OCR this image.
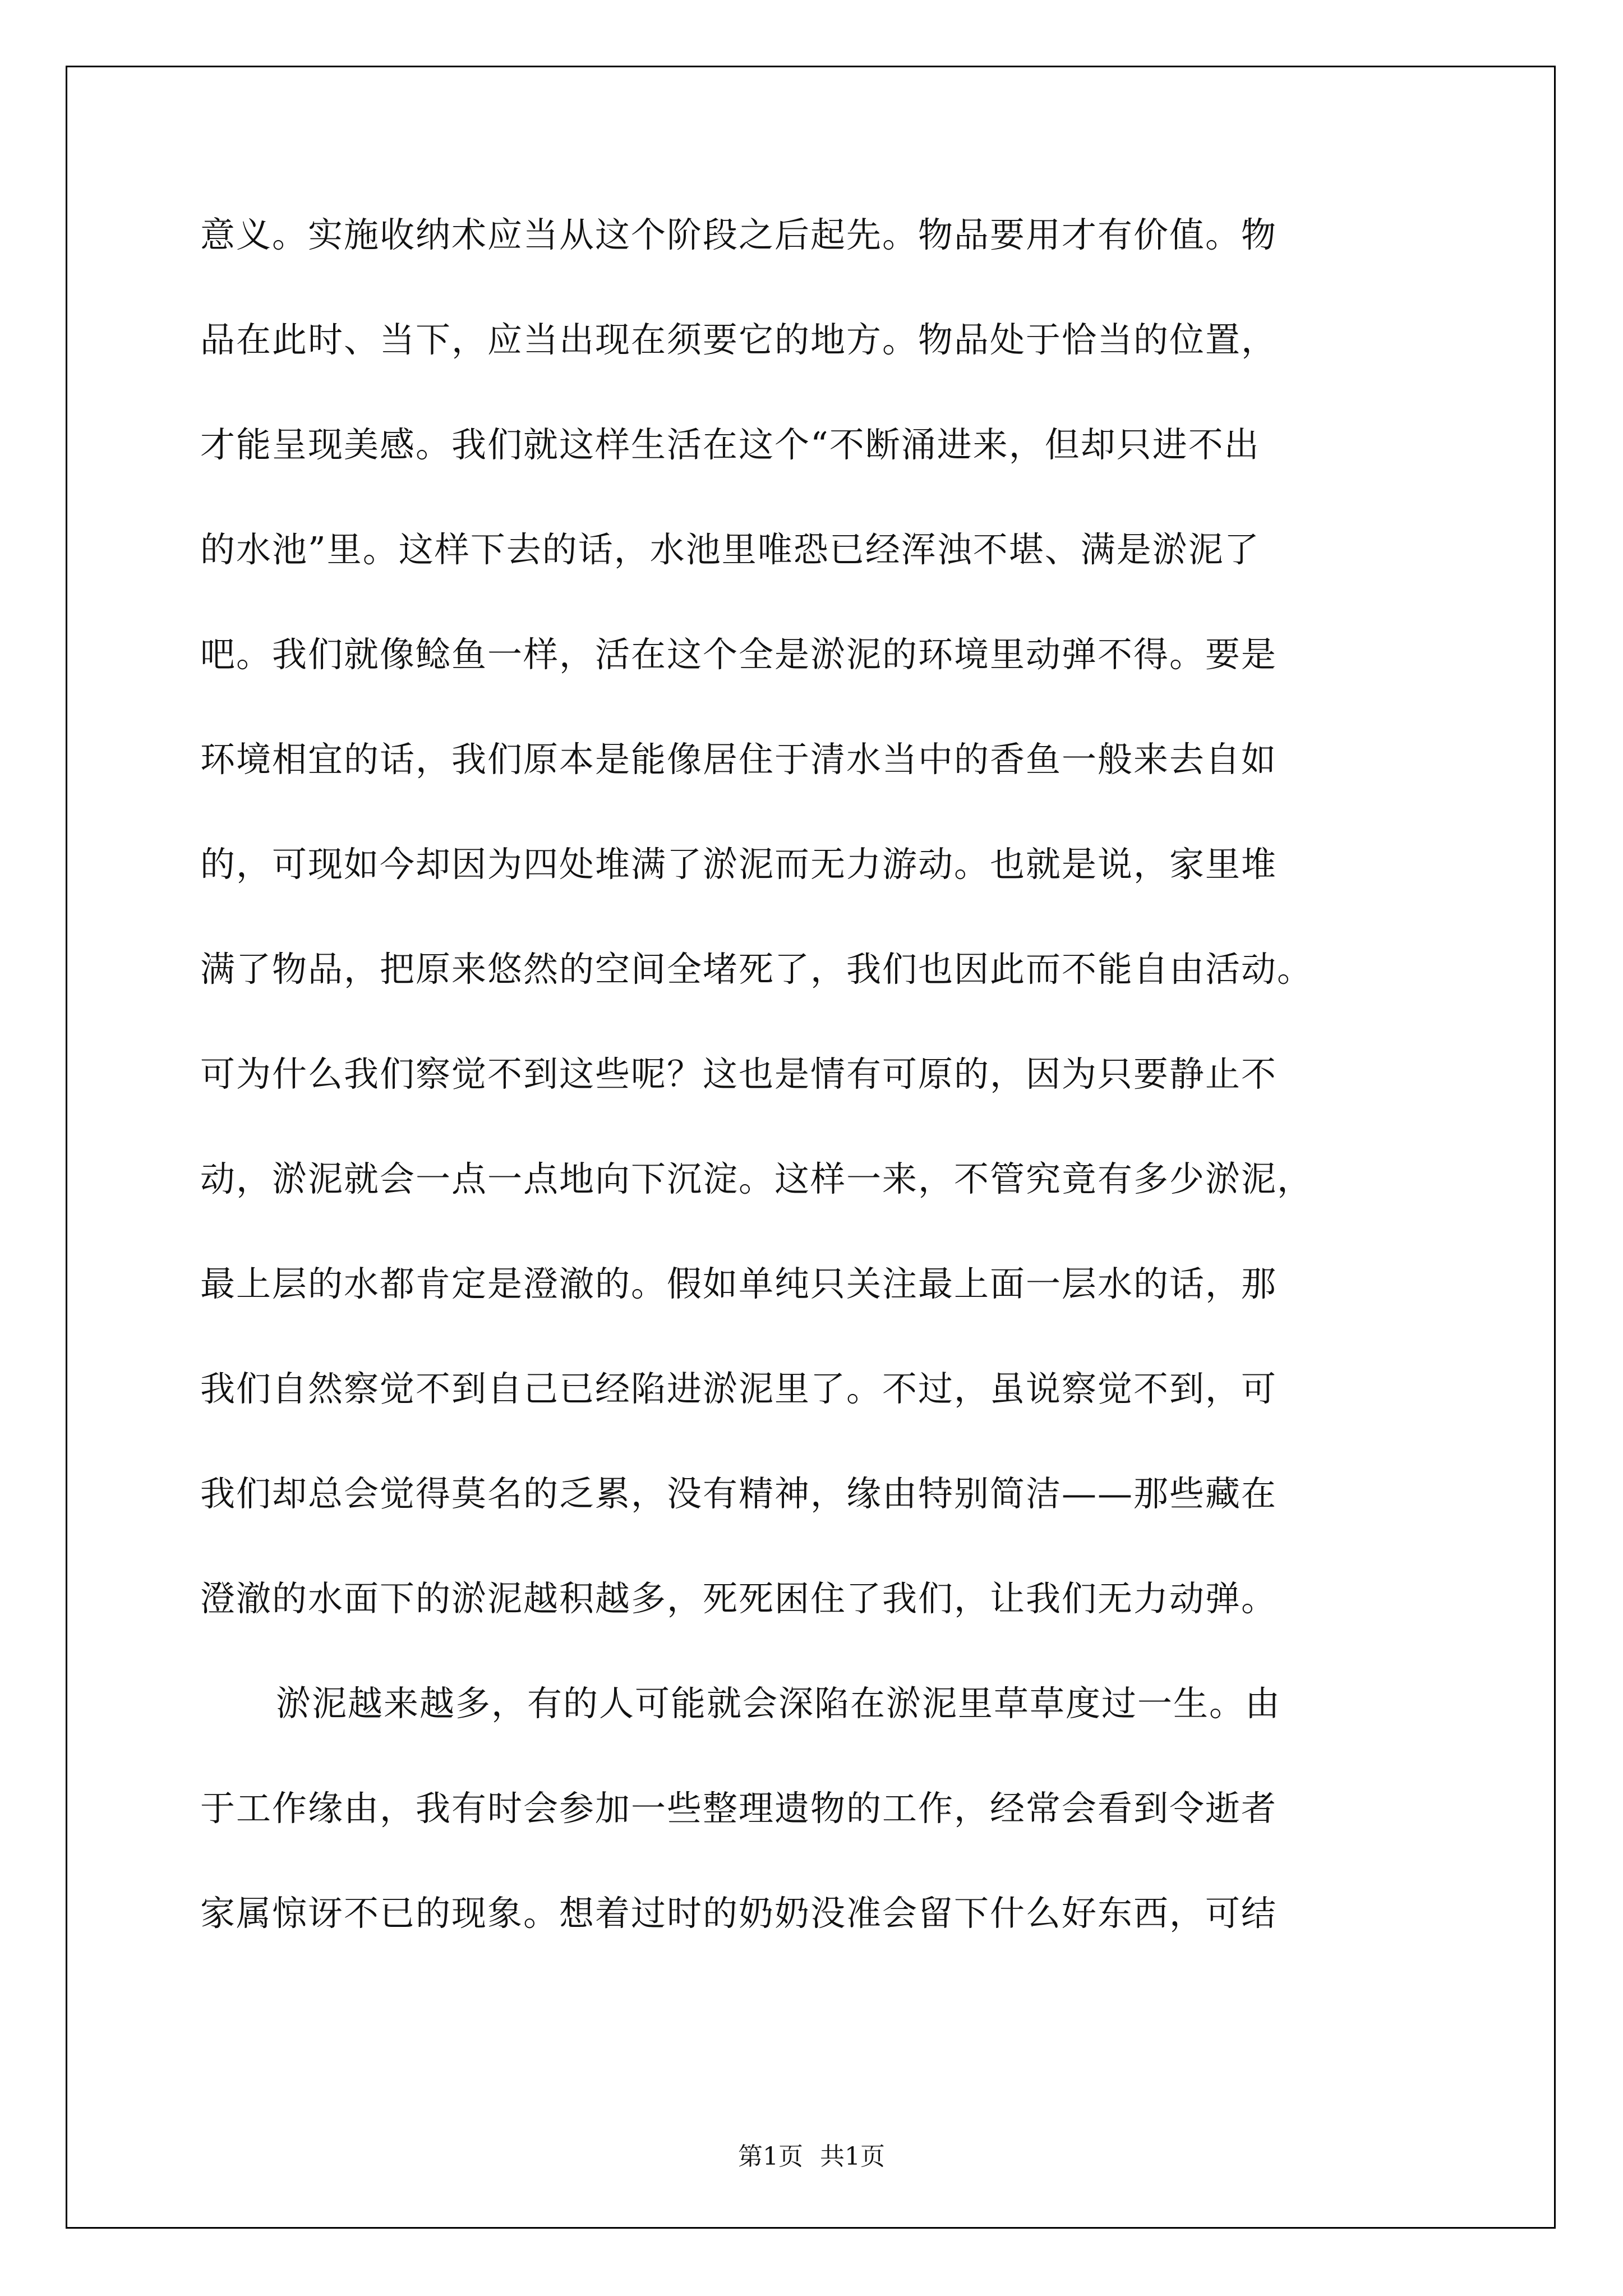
意义。实施收纳术应当从这个阶段之后起先。物品要用才有价值。物
品在此时、当下，应当出现在须要它的地方。物品处于恰当的位置，
才能呈现美感。我们就这样生活在这个“不断涌进来，但却只进不出
的水池”里。这样下去的话，水池里唯恐已经浑浊不堪、满是淤泥了
吧。我们就像鲶鱼一样，活在这个全是淤泥的环境里动弹不得。要是
环境相宜的话，我们原本是能像居住于清水当中的香鱼一般来去自如
的，可现如今却因为四处堆满了淤泥而无力游动。也就是说，家里堆
满了物品，把原来悠然的空间全堵死了，我们也因此而不能自由活动。
可为什么我们察觉不到这些呢？这也是情有可原的，因为只要静止不
动，淤泥就会一点一点地向下沉淀。这样一来，不管究竟有多少淤泥，
最上层的水都肯定是澄澈的。假如单纯只关注最上面一层水的话，那
我们自然察觉不到自己已经陷进淤泥里了。不过，虽说察觉不到，可
我们却总会觉得莫名的乏累，没有精神，缘由特别简洁——那些藏在
澄澈的水面下的淤泥越积越多，死死困住了我们，让我们无力动弹。
淤泥越来越多，有的人可能就会深陷在淤泥里草草度过一生。由
于工作缘由，我有时会参加一些整理遗物的工作，经常会看到令逝者
家属惊讶不已的现象。想着过时的奶奶没准会留下什么好东西，可结
第1页 共1页
